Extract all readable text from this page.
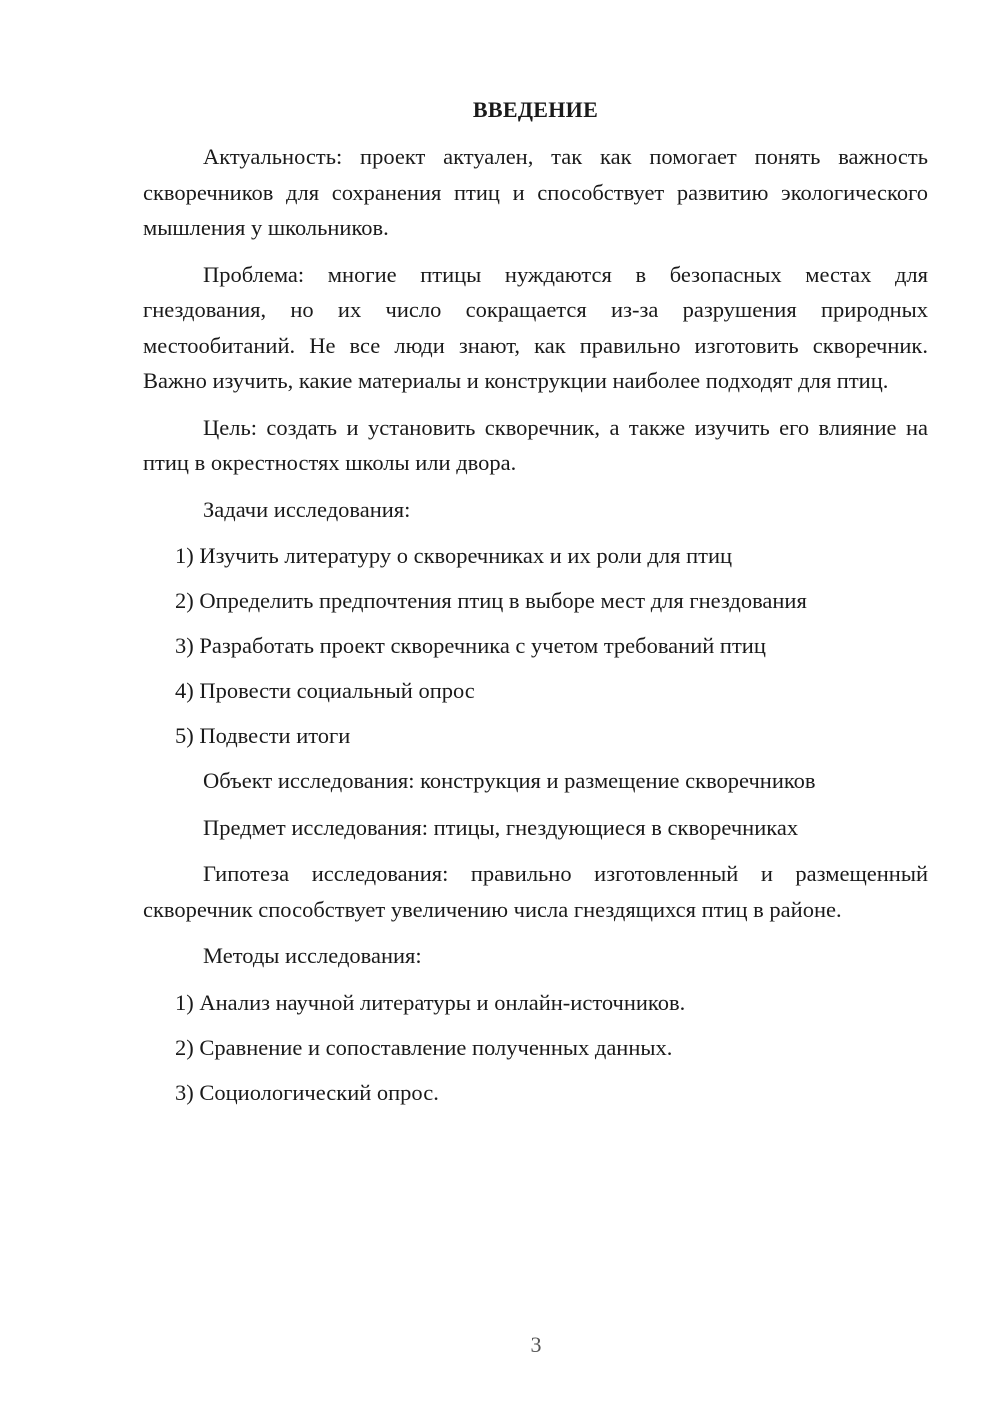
ВВЕДЕНИЕ

Актуальность: проект актуален, так как помогает понять важность скворечников для сохранения птиц и способствует развитию экологического мышления у школьников.

Проблема: многие птицы нуждаются в безопасных местах для гнездования, но их число сокращается из-за разрушения природных местообитаний. Не все люди знают, как правильно изготовить скворечник. Важно изучить, какие материалы и конструкции наиболее подходят для птиц.

Цель: создать и установить скворечник, а также изучить его влияние на птиц в окрестностях школы или двора.

Задачи исследования:

1) Изучить литературу о скворечниках и их роли для птиц
2) Определить предпочтения птиц в выборе мест для гнездования
3) Разработать проект скворечника с учетом требований птиц
4) Провести социальный опрос
5) Подвести итоги

Объект исследования: конструкция и размещение скворечников

Предмет исследования: птицы, гнездующиеся в скворечниках

Гипотеза исследования: правильно изготовленный и размещенный скворечник способствует увеличению числа гнездящихся птиц в районе.

Методы исследования:

1) Анализ научной литературы и онлайн-источников.
2) Сравнение и сопоставление полученных данных.
3) Социологический опрос.
3
